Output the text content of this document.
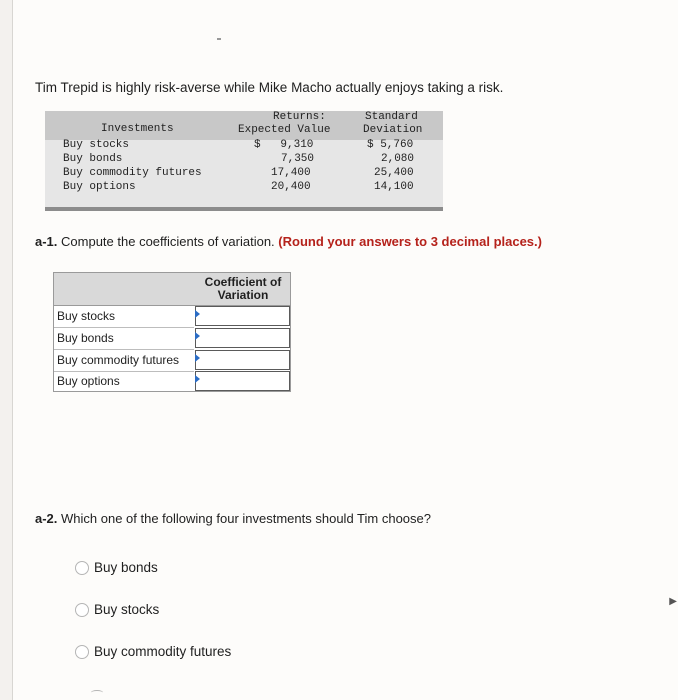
▶
Tim Trepid is highly risk-averse while Mike Macho actually enjoys taking a risk.
Investments
Returns:
Expected Value
Standard
Deviation
Buy stocks	$   9,310	$ 5,760
Buy bonds	7,350	2,080
Buy commodity futures	17,400	25,400
Buy options	20,400	14,100
a-1. Compute the coefficients of variation. (Round your answers to 3 decimal places.)
Coefficient of
Variation
Buy stocks
Buy bonds
Buy commodity futures
Buy options
a-2. Which one of the following four investments should Tim choose?
Buy bonds
Buy stocks
Buy commodity futures
